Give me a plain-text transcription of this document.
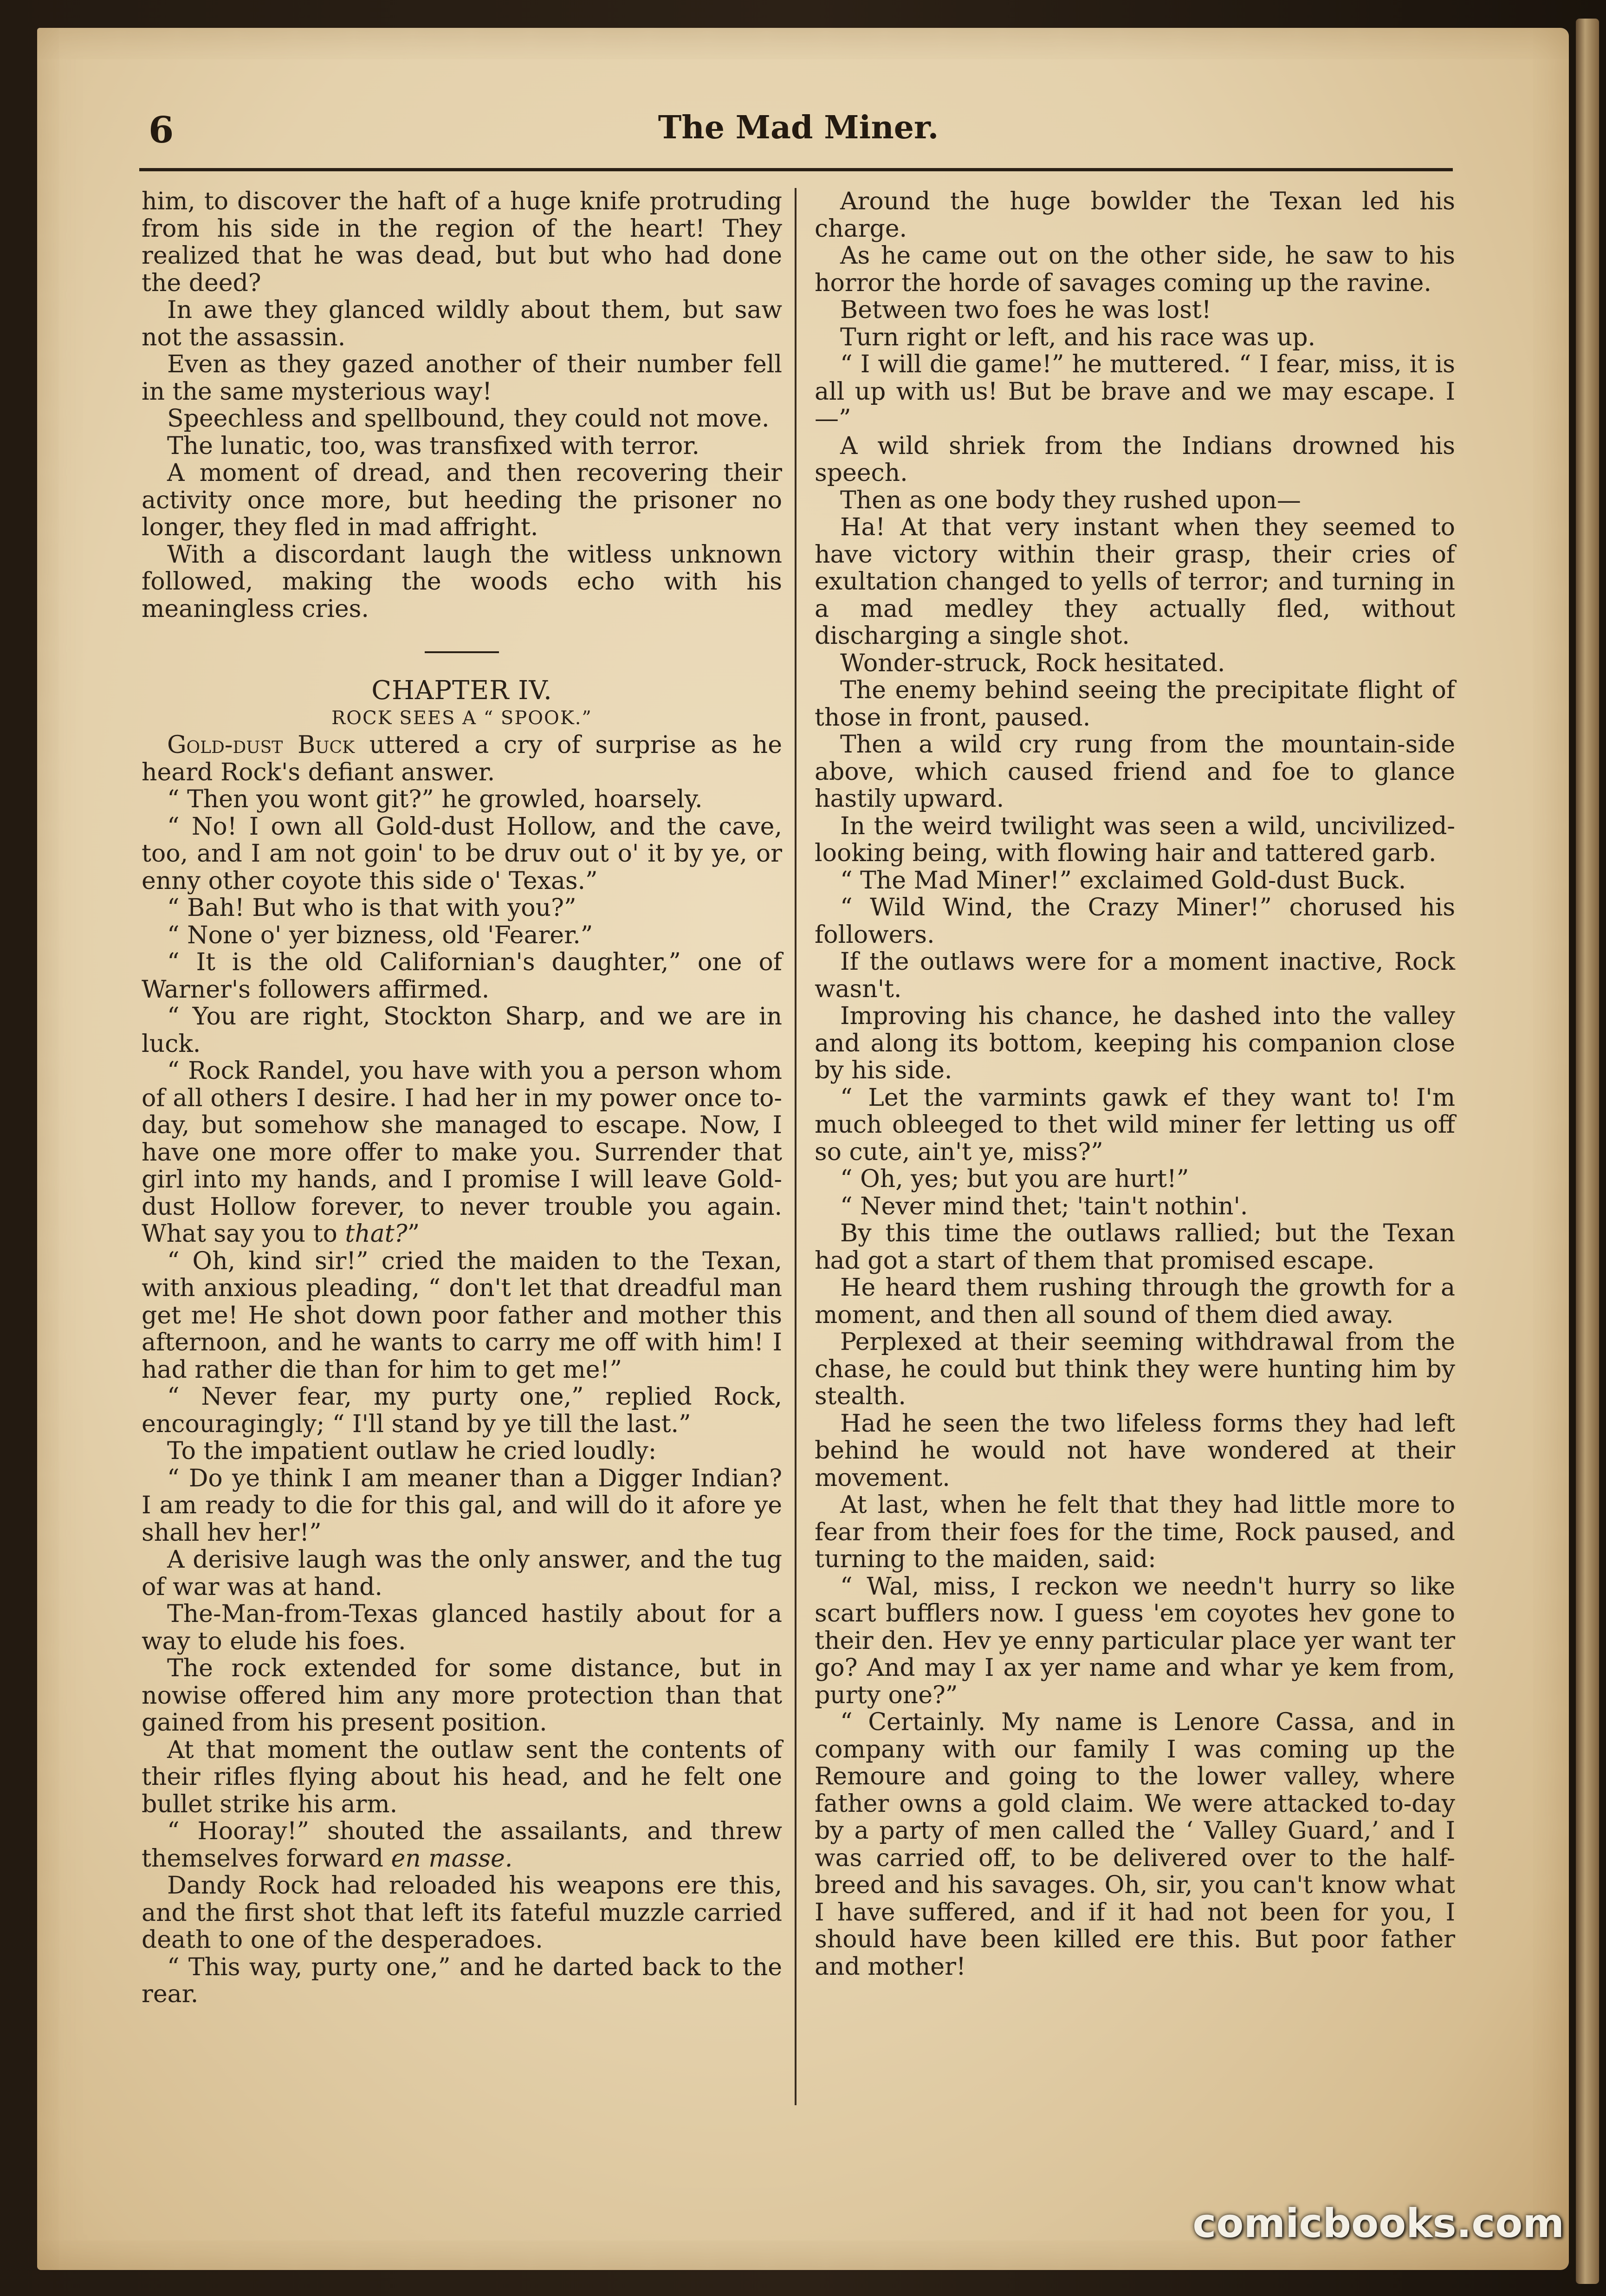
6	The Mad Miner.

him, to discover the haft of a huge knife protruding from his side in the region of the heart! They realized that he was dead, but but who had done the deed?

In awe they glanced wildly about them, but saw not the assassin.

Even as they gazed another of their number fell in the same mysterious way!

Speechless and spellbound, they could not move.

The lunatic, too, was transfixed with terror.

A moment of dread, and then recovering their activity once more, but heeding the prisoner no longer, they fled in mad affright.

With a discordant laugh the witless unknown followed, making the woods echo with his meaningless cries.

CHAPTER IV.

ROCK SEES A “ SPOOK.”

Gold-dust Buck uttered a cry of surprise as he heard Rock's defiant answer.

“ Then you wont git?” he growled, hoarsely.

“ No! I own all Gold-dust Hollow, and the cave, too, and I am not goin' to be druv out o' it by ye, or enny other coyote this side o' Texas.”

“ Bah! But who is that with you?”

“ None o' yer bizness, old 'Fearer.”

“ It is the old Californian's daughter,” one of Warner's followers affirmed.

“ You are right, Stockton Sharp, and we are in luck.

“ Rock Randel, you have with you a person whom of all others I desire. I had her in my power once to-day, but somehow she managed to escape. Now, I have one more offer to make you. Surrender that girl into my hands, and I promise I will leave Gold-dust Hollow forever, to never trouble you again. What say you to that?”

“ Oh, kind sir!” cried the maiden to the Texan, with anxious pleading, “ don't let that dreadful man get me! He shot down poor father and mother this afternoon, and he wants to carry me off with him! I had rather die than for him to get me!”

“ Never fear, my purty one,” replied Rock, encouragingly; “ I'll stand by ye till the last.”

To the impatient outlaw he cried loudly:

“ Do ye think I am meaner than a Digger Indian? I am ready to die for this gal, and will do it afore ye shall hev her!”

A derisive laugh was the only answer, and the tug of war was at hand.

The-Man-from-Texas glanced hastily about for a way to elude his foes.

The rock extended for some distance, but in nowise offered him any more protection than that gained from his present position.

At that moment the outlaw sent the contents of their rifles flying about his head, and he felt one bullet strike his arm.

“ Hooray!” shouted the assailants, and threw themselves forward en masse.

Dandy Rock had reloaded his weapons ere this, and the first shot that left its fateful muzzle carried death to one of the desperadoes.

“ This way, purty one,” and he darted back to the rear.

Around the huge bowlder the Texan led his charge.

As he came out on the other side, he saw to his horror the horde of savages coming up the ravine.

Between two foes he was lost!

Turn right or left, and his race was up.

“ I will die game!” he muttered. “ I fear, miss, it is all up with us! But be brave and we may escape. I—”

A wild shriek from the Indians drowned his speech.

Then as one body they rushed upon—

Ha! At that very instant when they seemed to have victory within their grasp, their cries of exultation changed to yells of terror; and turning in a mad medley they actually fled, without discharging a single shot.

Wonder-struck, Rock hesitated.

The enemy behind seeing the precipitate flight of those in front, paused.

Then a wild cry rung from the mountain-side above, which caused friend and foe to glance hastily upward.

In the weird twilight was seen a wild, uncivilized-looking being, with flowing hair and tattered garb.

“ The Mad Miner!” exclaimed Gold-dust Buck.

“ Wild Wind, the Crazy Miner!” chorused his followers.

If the outlaws were for a moment inactive, Rock wasn't.

Improving his chance, he dashed into the valley and along its bottom, keeping his companion close by his side.

“ Let the varmints gawk ef they want to! I'm much obleeged to thet wild miner fer letting us off so cute, ain't ye, miss?”

“ Oh, yes; but you are hurt!”

“ Never mind thet; 'tain't nothin'.

By this time the outlaws rallied; but the Texan had got a start of them that promised escape.

He heard them rushing through the growth for a moment, and then all sound of them died away.

Perplexed at their seeming withdrawal from the chase, he could but think they were hunting him by stealth.

Had he seen the two lifeless forms they had left behind he would not have wondered at their movement.

At last, when he felt that they had little more to fear from their foes for the time, Rock paused, and turning to the maiden, said:

“ Wal, miss, I reckon we needn't hurry so like scart bufflers now. I guess 'em coyotes hev gone to their den. Hev ye enny particular place yer want ter go? And may I ax yer name and whar ye kem from, purty one?”

“ Certainly. My name is Lenore Cassa, and in company with our family I was coming up the Remoure and going to the lower valley, where father owns a gold claim. We were attacked to-day by a party of men called the ‘ Valley Guard,’ and I was carried off, to be delivered over to the half-breed and his savages. Oh, sir, you can't know what I have suffered, and if it had not been for you, I should have been killed ere this. But poor father and mother!

comicbooks.com
